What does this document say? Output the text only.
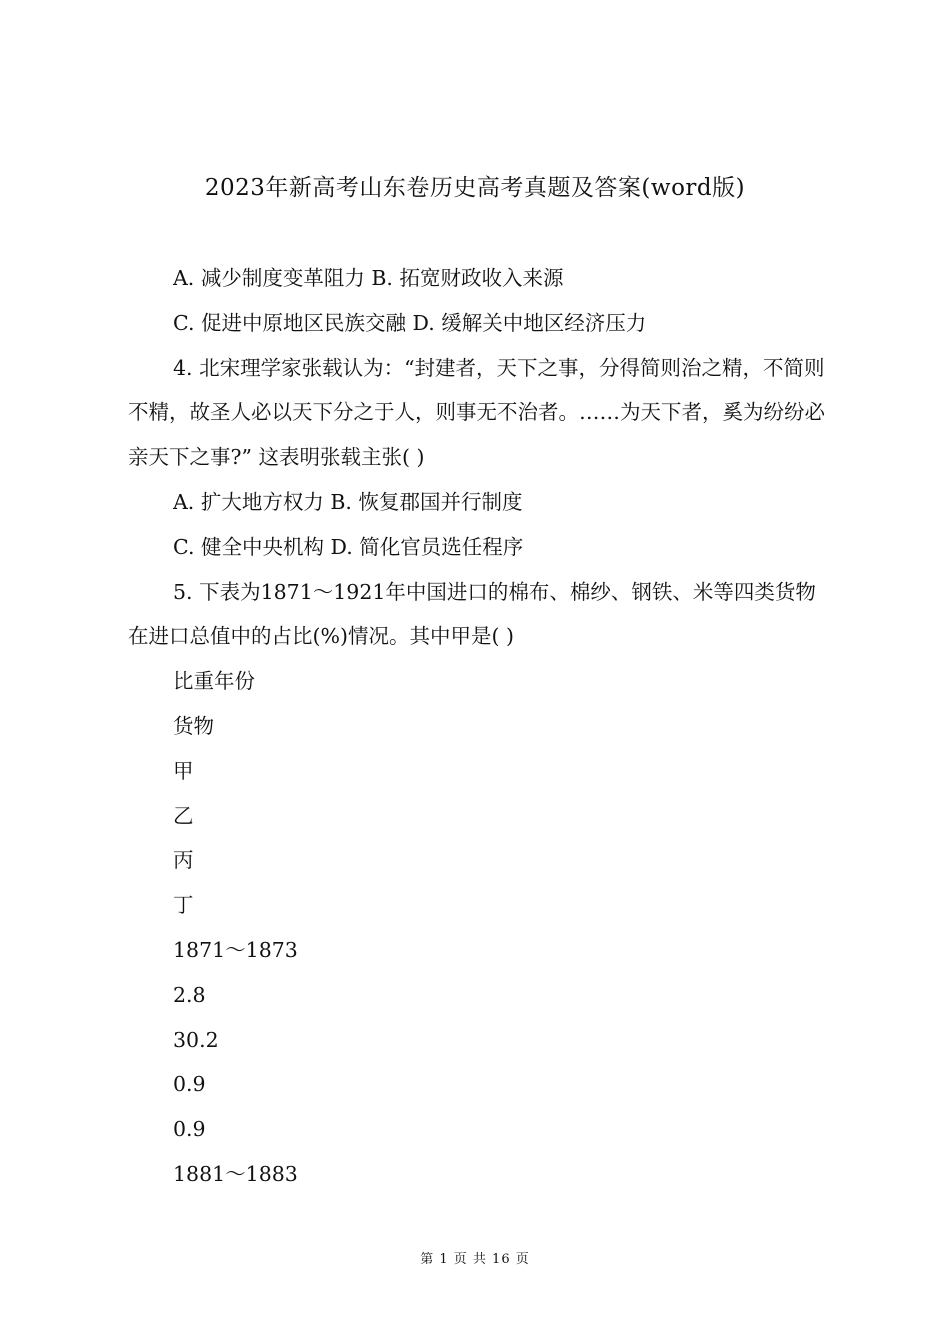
2023年新高考山东卷历史高考真题及答案(word版)

A. 减少制度变革阻力 B. 拓宽财政收入来源

C. 促进中原地区民族交融 D. 缓解关中地区经济压力

4. 北宋理学家张载认为：“封建者，天下之事，分得简则治之精，不简则不精，故圣人必以天下分之于人，则事无不治者。……为天下者，奚为纷纷必亲天下之事?” 这表明张载主张( )

A. 扩大地方权力 B. 恢复郡国并行制度

C. 健全中央机构 D. 简化官员选任程序

5. 下表为1871～1921年中国进口的棉布、棉纱、钢铁、米等四类货物在进口总值中的占比(%)情况。其中甲是( )

比重年份

货物

甲

乙

丙

丁

1871～1873

2.8

30.2

0.9

0.9

1881～1883

第 1 页 共 16 页
